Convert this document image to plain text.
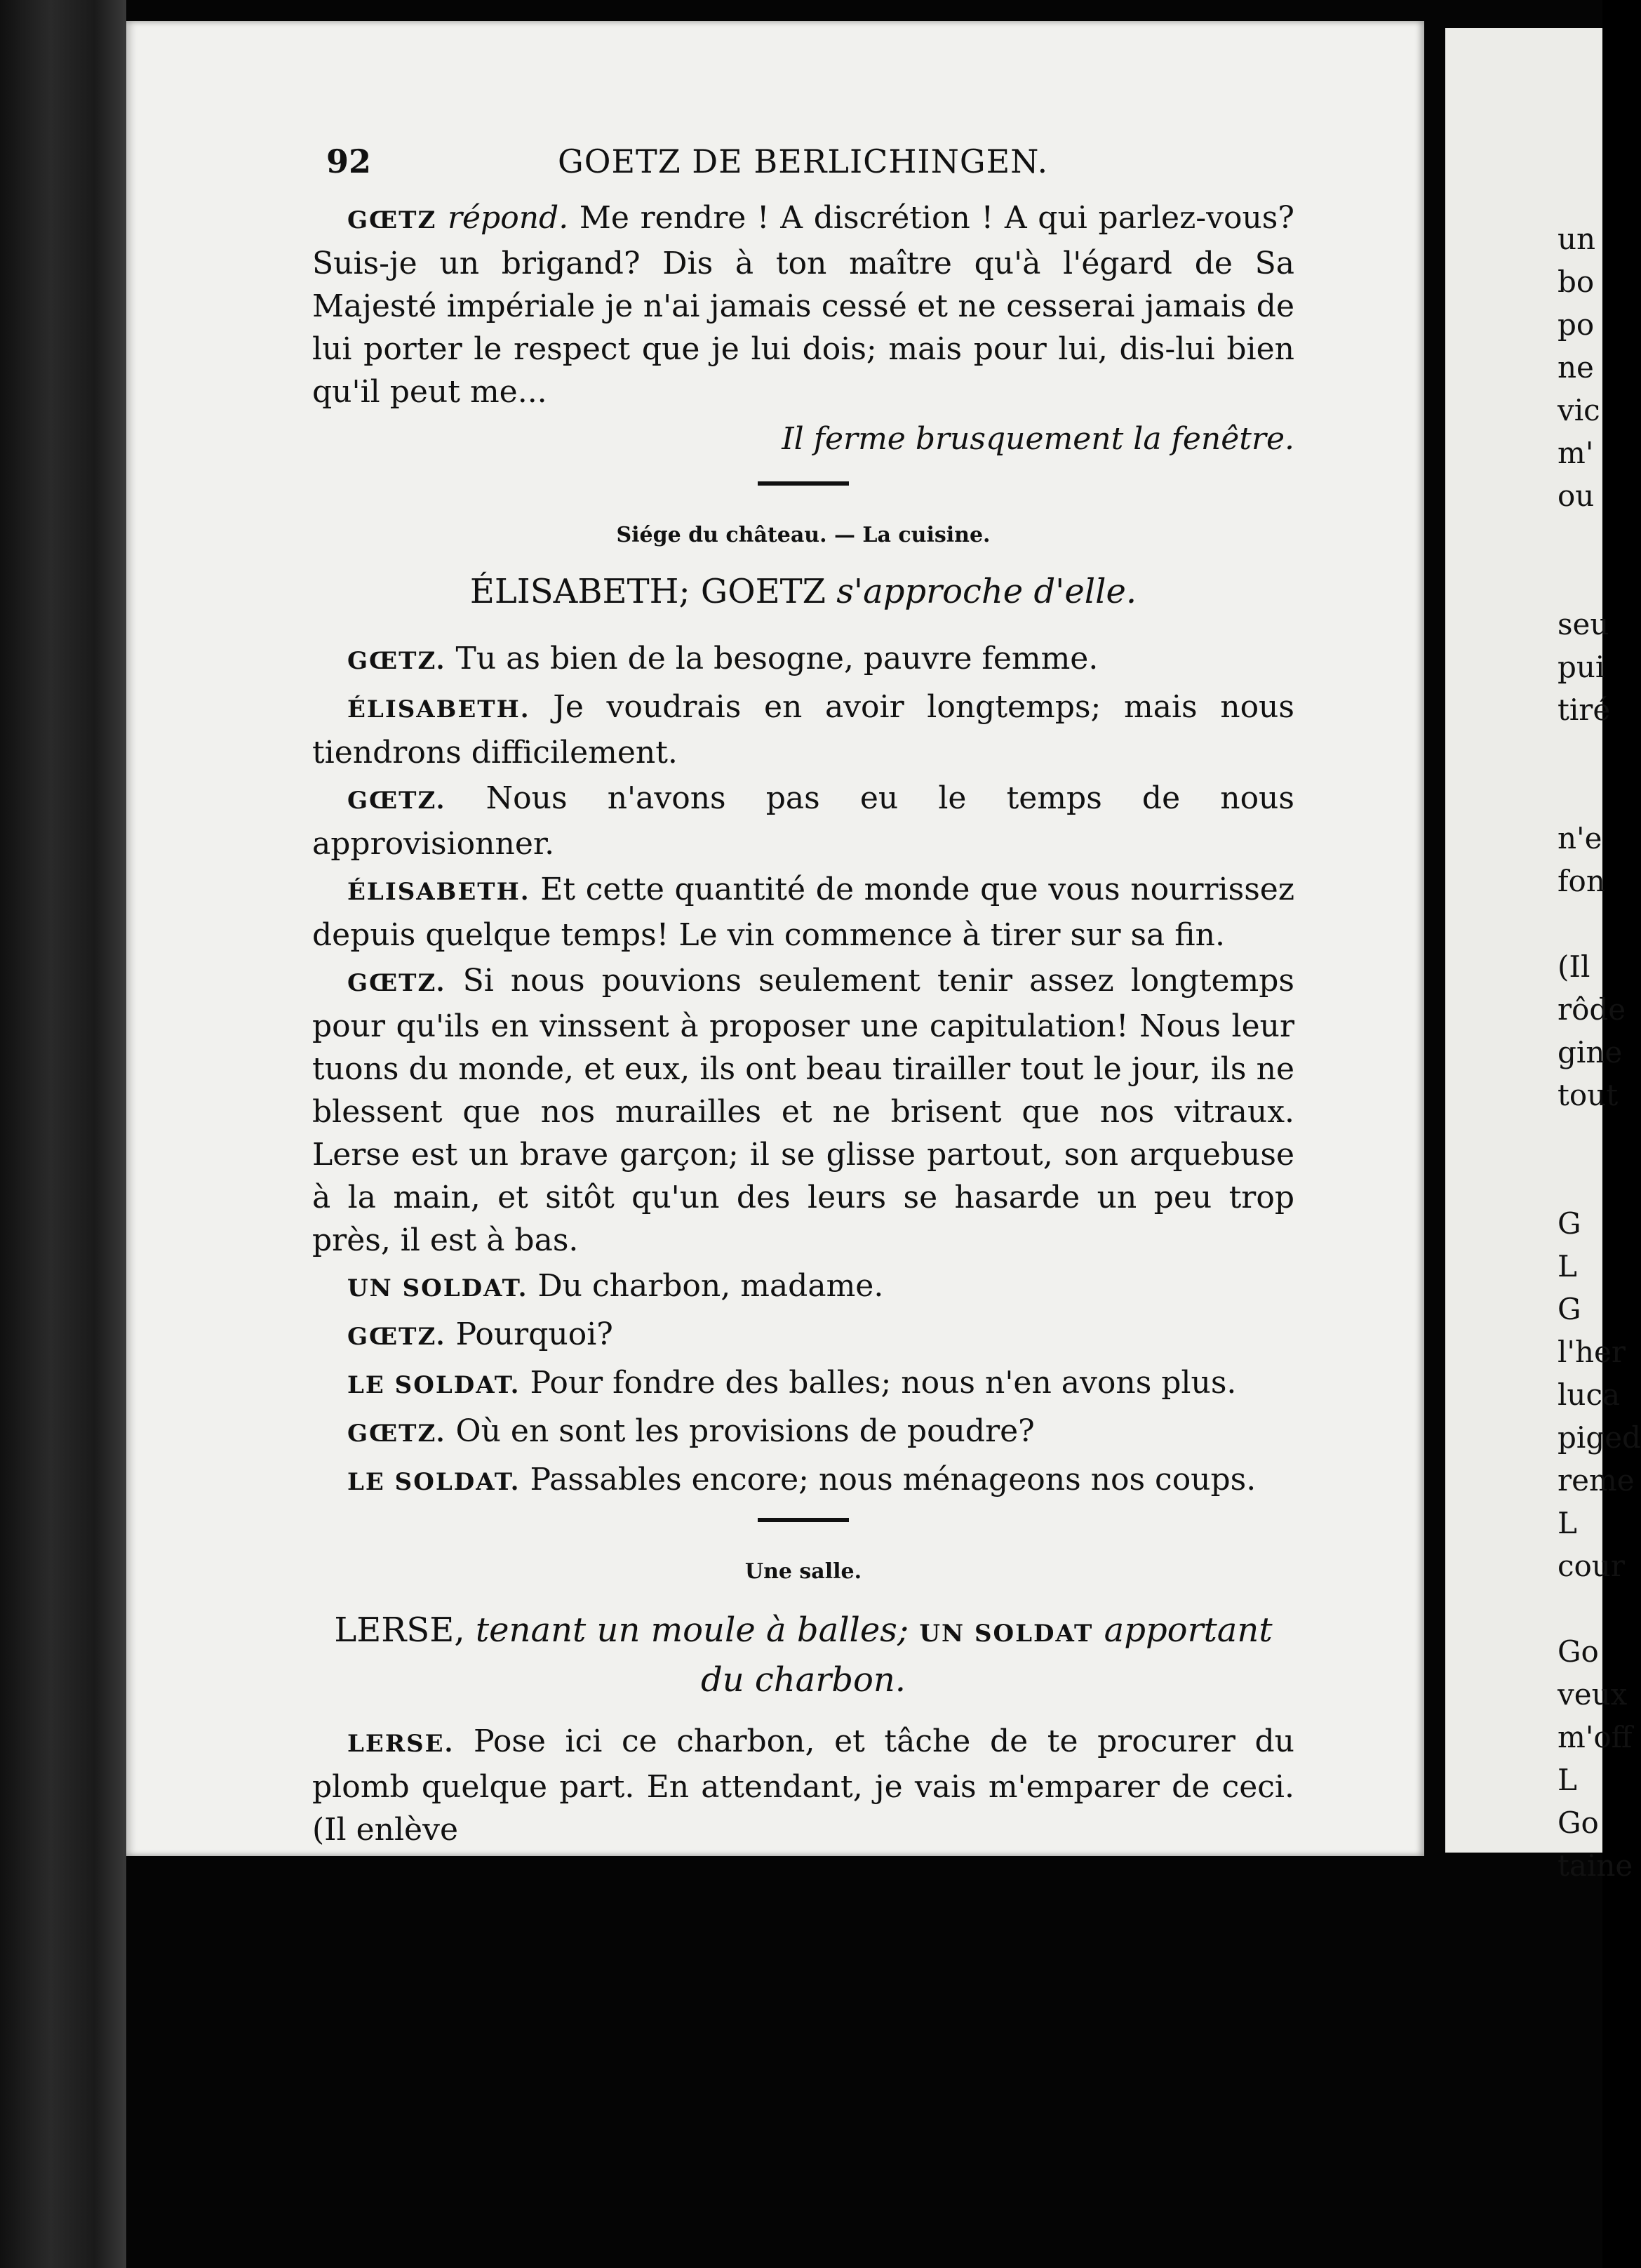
92	GOETZ DE BERLICHINGEN.

GŒTZ répond. Me rendre ! A discrétion ! A qui parlez-vous? Suis-je un brigand? Dis à ton maître qu'à l'égard de Sa Majesté impériale je n'ai jamais cessé et ne cesserai jamais de lui porter le respect que je lui dois; mais pour lui, dis-lui bien qu'il peut me...

Il ferme brusquement la fenêtre.

Siége du château. — La cuisine.

ÉLISABETH; GOETZ s'approche d'elle.

GŒTZ. Tu as bien de la besogne, pauvre femme.

ÉLISABETH. Je voudrais en avoir longtemps; mais nous tiendrons difficilement.

GŒTZ. Nous n'avons pas eu le temps de nous approvisionner.

ÉLISABETH. Et cette quantité de monde que vous nourrissez depuis quelque temps! Le vin commence à tirer sur sa fin.

GŒTZ. Si nous pouvions seulement tenir assez longtemps pour qu'ils en vinssent à proposer une capitulation! Nous leur tuons du monde, et eux, ils ont beau tirailler tout le jour, ils ne blessent que nos murailles et ne brisent que nos vitraux. Lerse est un brave garçon; il se glisse partout, son arquebuse à la main, et sitôt qu'un des leurs se hasarde un peu trop près, il est à bas.

UN SOLDAT. Du charbon, madame.

GŒTZ. Pourquoi?

LE SOLDAT. Pour fondre des balles; nous n'en avons plus.

GŒTZ. Où en sont les provisions de poudre?

LE SOLDAT. Passables encore; nous ménageons nos coups.

Une salle.

LERSE, tenant un moule à balles; UN SOLDAT apportant du charbon.

LERSE. Pose ici ce charbon, et tâche de te procurer du plomb quelque part. En attendant, je vais m'emparer de ceci. (Il enlève

un
bo
po
ne
vic
m'
ou
seu
pui
tiré
n'e
fon
(Il
rôde
gine
tout
G
L
G
l'her
luca
piged
reme
L
cour
Go
veux
m'off
L
Go
taine
